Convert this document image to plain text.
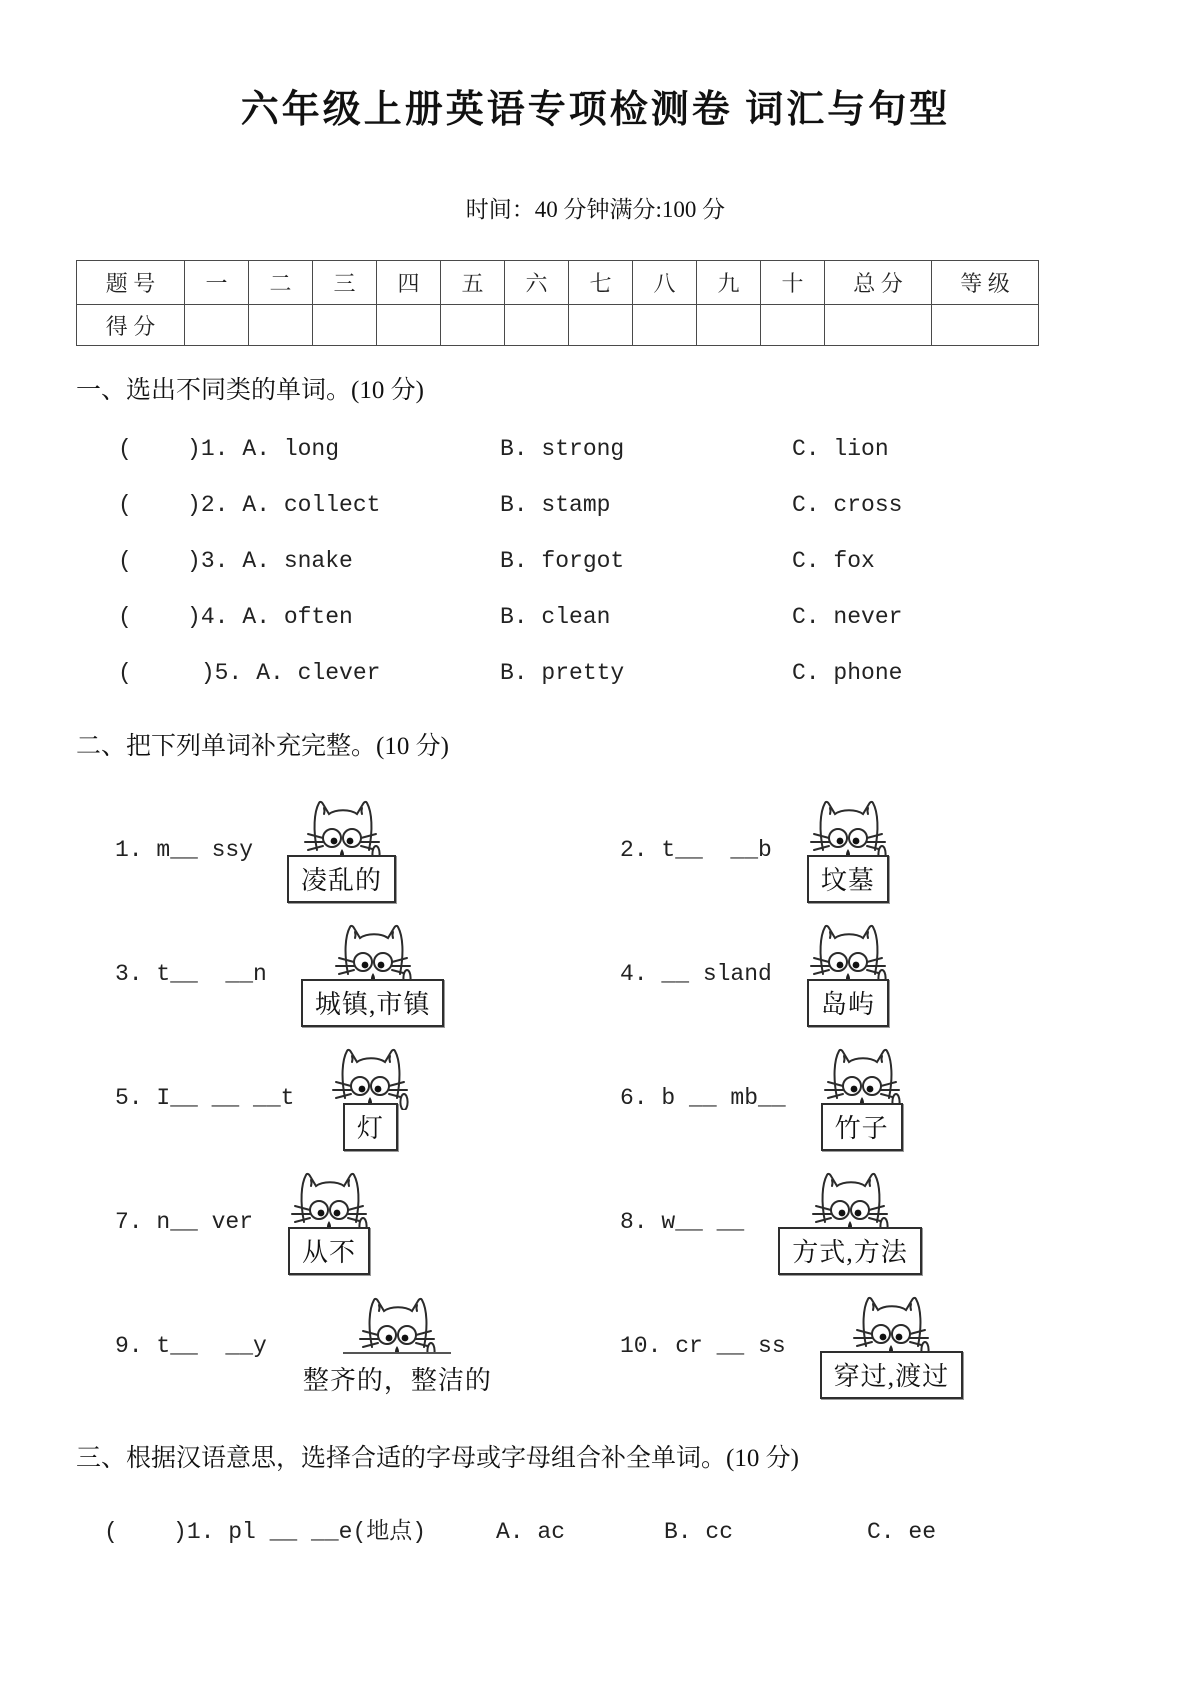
六年级上册英语专项检测卷 词汇与句型
时间：40 分钟满分:100 分
题 号	一	二	三	四	五	六	七	八	九	十	总 分	等 级
得 分												
一、选出不同类的单词。(10 分)
(    )1. A. long	B. strong	C. lion
(    )2. A. collect	B. stamp	C. cross
(    )3. A. snake	B. forgot	C. fox
(    )4. A. often	B. clean	C. never
(     )5. A. clever	B. pretty	C. phone
二、把下列单词补充完整。(10 分)
1. m__ ssy
凌乱的
2. t__  __b
坟墓
3. t__  __n
城镇,市镇
4. __ sland
岛屿
5. I__ __ __t
灯
6. b __ mb__
竹子
7. n__ ver
从不
8. w__ __
方式,方法
9. t__  __y
整齐的，整洁的
10. cr __ ss
穿过,渡过
三、根据汉语意思，选择合适的字母或字母组合补全单词。(10 分)
(    )1. pl __ __e(地点)	A. ac	B. cc	C. ee
